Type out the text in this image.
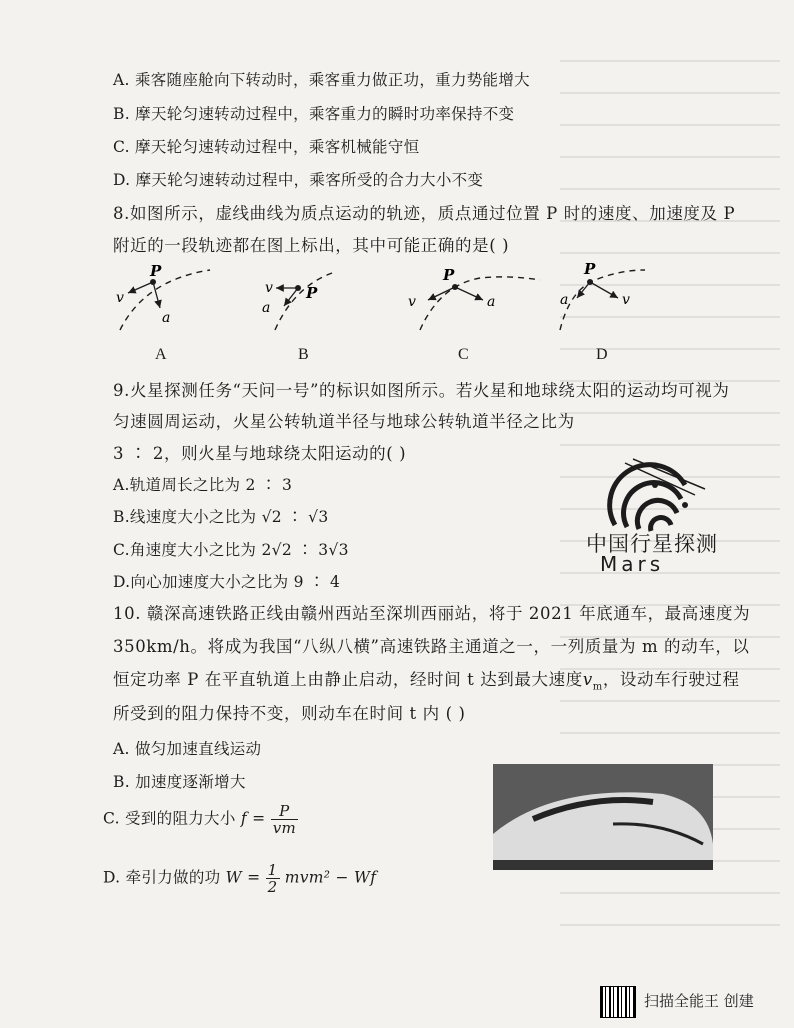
A. 乘客随座舱向下转动时，乘客重力做正功，重力势能增大
B. 摩天轮匀速转动过程中，乘客重力的瞬时功率保持不变
C. 摩天轮匀速转动过程中，乘客机械能守恒
D. 摩天轮匀速转动过程中，乘客所受的合力大小不变
8.如图所示，虚线曲线为质点运动的轨迹，质点通过位置 P 时的速度、加速度及 P
附近的一段轨迹都在图上标出，其中可能正确的是( )
P
v
a
P
v
a
P
v	a
P
a	v
A	B	C	D
9.火星探测任务“天问一号”的标识如图所示。若火星和地球绕太阳的运动均可视为
匀速圆周运动，火星公转轨道半径与地球公转轨道半径之比为
3 ∶ 2，则火星与地球绕太阳运动的( )
A.轨道周长之比为 2 ∶ 3
B.线速度大小之比为 √2 ∶ √3
C.角速度大小之比为 2√2 ∶ 3√3
D.向心加速度大小之比为 9 ∶ 4
中国行星探测
Mars
10. 赣深高速铁路正线由赣州西站至深圳西丽站，将于 2021 年底通车，最高速度为
350km/h。将成为我国“八纵八横”高速铁路主通道之一，一列质量为 m 的动车，以
恒定功率 P 在平直轨道上由静止启动，经时间 t 达到最大速度$v_m$，设动车行驶过程
所受到的阻力保持不变，则动车在时间 t 内 ( )
A. 做匀加速直线运动
B. 加速度逐渐增大
C. 受到的阻力大小 $f = \frac{P}{vm}$
D. 牵引力做的功 $W = \frac{1}{2} mvm^2 - Wf$
扫描全能王 创建
